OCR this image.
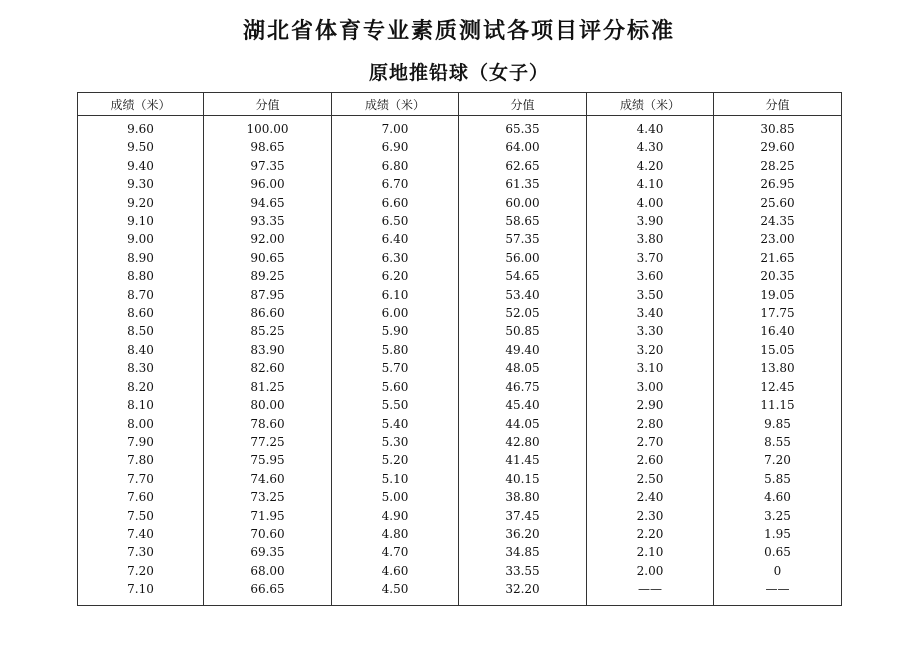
湖北省体育专业素质测试各项目评分标准
原地推铅球（女子）
成绩（米）	分值	成绩（米）	分值	成绩（米）	分值
9.60	100.00	7.00	65.35	4.40	30.85
9.50	98.65	6.90	64.00	4.30	29.60
9.40	97.35	6.80	62.65	4.20	28.25
9.30	96.00	6.70	61.35	4.10	26.95
9.20	94.65	6.60	60.00	4.00	25.60
9.10	93.35	6.50	58.65	3.90	24.35
9.00	92.00	6.40	57.35	3.80	23.00
8.90	90.65	6.30	56.00	3.70	21.65
8.80	89.25	6.20	54.65	3.60	20.35
8.70	87.95	6.10	53.40	3.50	19.05
8.60	86.60	6.00	52.05	3.40	17.75
8.50	85.25	5.90	50.85	3.30	16.40
8.40	83.90	5.80	49.40	3.20	15.05
8.30	82.60	5.70	48.05	3.10	13.80
8.20	81.25	5.60	46.75	3.00	12.45
8.10	80.00	5.50	45.40	2.90	11.15
8.00	78.60	5.40	44.05	2.80	9.85
7.90	77.25	5.30	42.80	2.70	8.55
7.80	75.95	5.20	41.45	2.60	7.20
7.70	74.60	5.10	40.15	2.50	5.85
7.60	73.25	5.00	38.80	2.40	4.60
7.50	71.95	4.90	37.45	2.30	3.25
7.40	70.60	4.80	36.20	2.20	1.95
7.30	69.35	4.70	34.85	2.10	0.65
7.20	68.00	4.60	33.55	2.00	0
7.10	66.65	4.50	32.20	——	——
